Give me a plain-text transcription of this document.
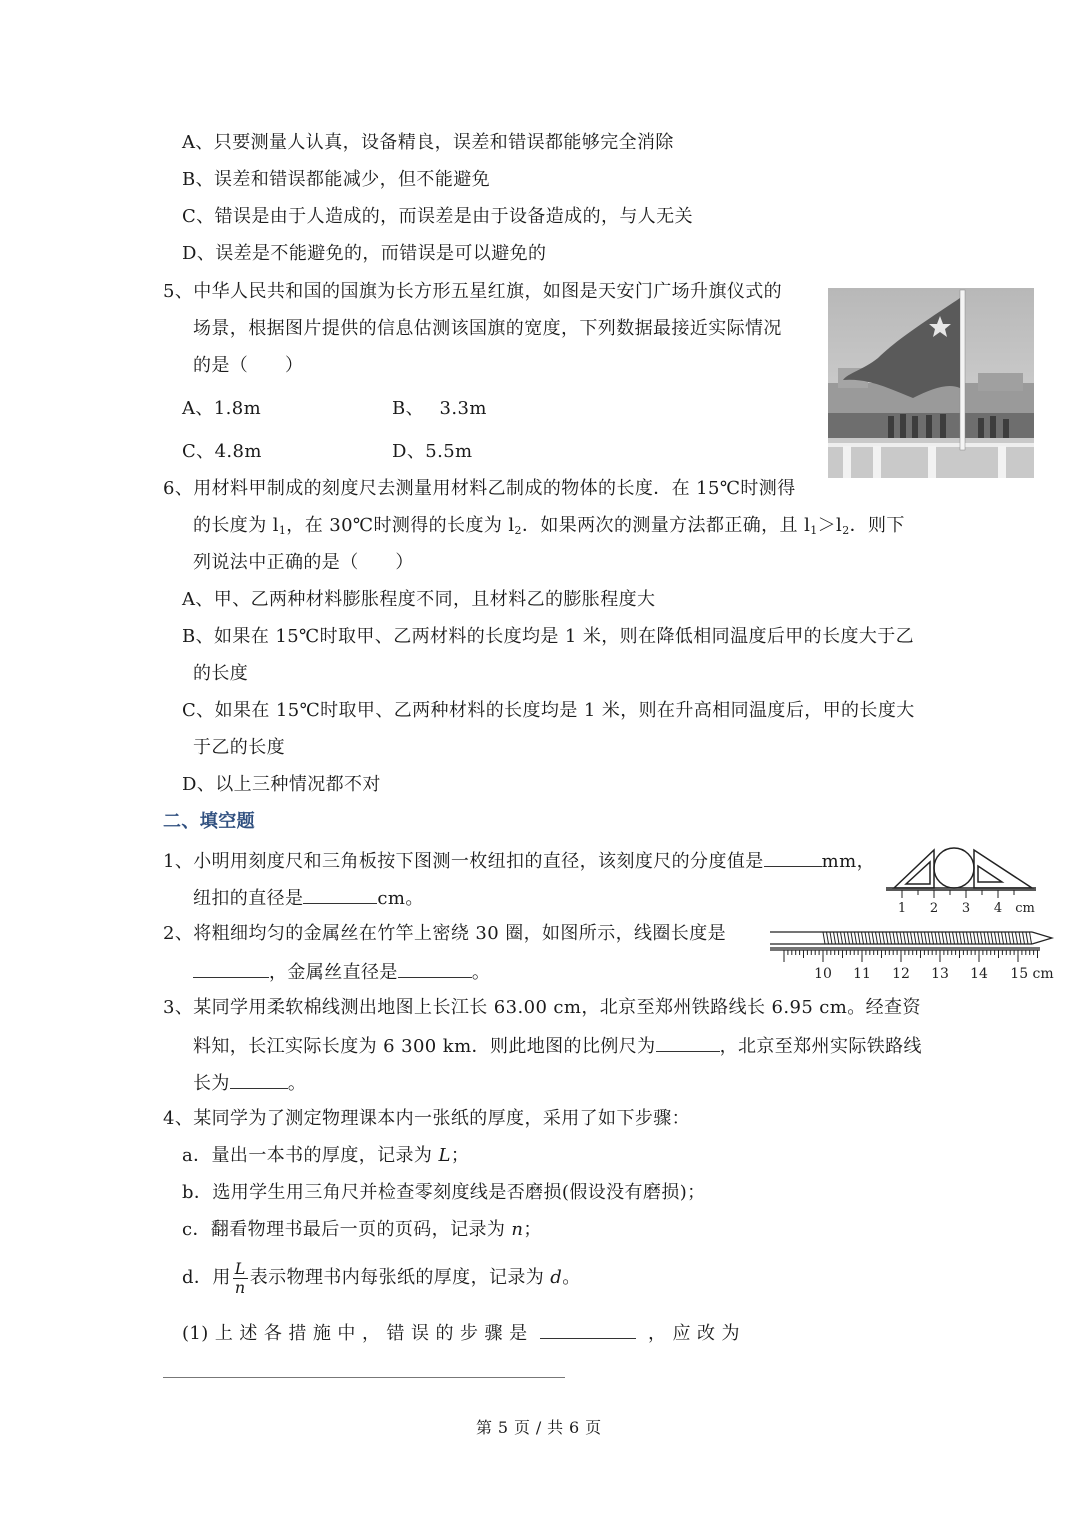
A、只要测量人认真，设备精良，误差和错误都能够完全消除
B、误差和错误都能减少，但不能避免
C、错误是由于人造成的，而误差是由于设备造成的，与人无关
D、误差是不能避免的，而错误是可以避免的
5、中华人民共和国的国旗为长方形五星红旗，如图是天安门广场升旗仪式的
场景，根据图片提供的信息估测该国旗的宽度，下列数据最接近实际情况
的是（　　）
A、1.8m	B、　 3.3m
C、4.8m	D、5.5m
6、用材料甲制成的刻度尺去测量用材料乙制成的物体的长度．在 15℃时测得
的长度为 $l_1$，在 30℃时测得的长度为 $l_2$．如果两次的测量方法都正确，且 $l_1>l_2$．则下
列说法中正确的是（　　）
A、甲、乙两种材料膨胀程度不同，且材料乙的膨胀程度大
B、如果在 15℃时取甲、乙两材料的长度均是 1 米，则在降低相同温度后甲的长度大于乙
的长度
C、如果在 15℃时取甲、乙两种材料的长度均是 1 米，则在升高相同温度后，甲的长度大
于乙的长度
D、以上三种情况都不对
二、填空题
1、小明用刻度尺和三角板按下图测一枚纽扣的直径，该刻度尺的分度值是	mm，
纽扣的直径是	cm。	1 2 3 4 cm
2、将粗细均匀的金属丝在竹竿上密绕 30 圈，如图所示，线圈长度是
，金属丝直径是	。	10 11 12 13 14 15 cm
3、某同学用柔软棉线测出地图上长江长 63.00 cm，北京至郑州铁路线长 6.95 cm。经查资
料知，长江实际长度为 6 300 km．则此地图的比例尺为	，北京至郑州实际铁路线
长为	。
4、某同学为了测定物理课本内一张纸的厚度，采用了如下步骤：
a．量出一本书的厚度，记录为 L；
b．选用学生用三角尺并检查零刻度线是否磨损(假设没有磨损)；
c．翻看物理书最后一页的页码，记录为 n；
d．用 $\frac{L}{n}$ 表示物理书内每张纸的厚度，记录为 d。
(1) 上 述 各 措 施 中 ， 错 误 的 步 骤 是	， 应 改 为
第 5 页 / 共 6 页
